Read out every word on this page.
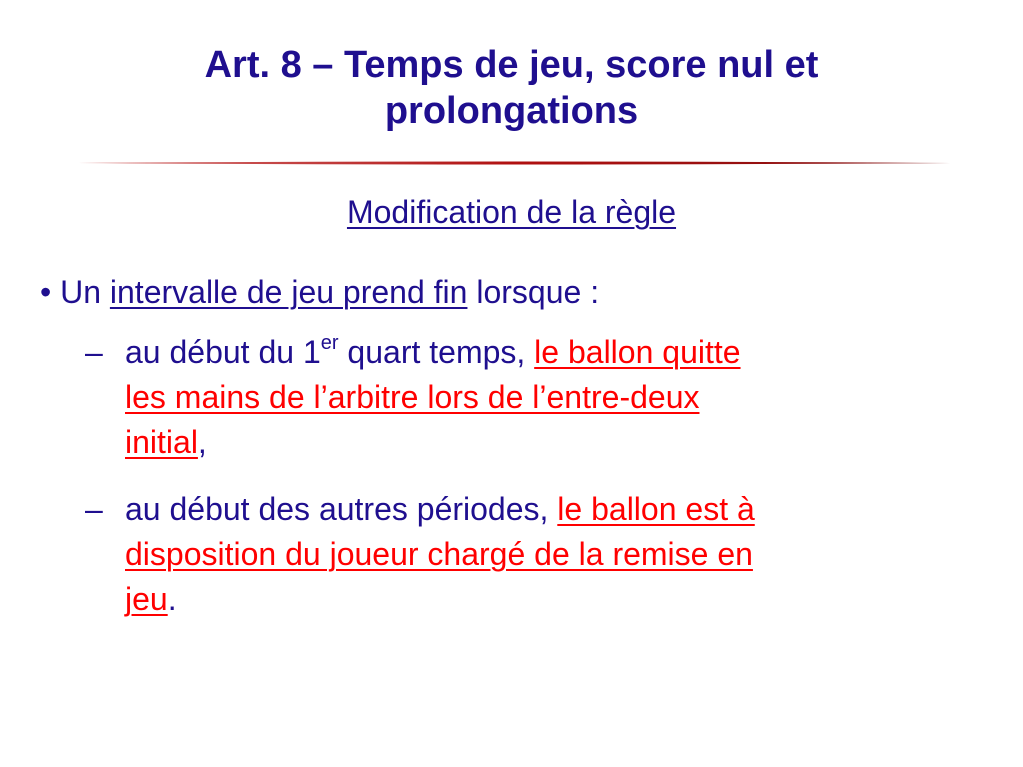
Art. 8 – Temps de jeu, score nul et
prolongations
Modification de la règle
• Un intervalle de jeu prend fin lorsque :
– au début du 1er quart temps, le ballon quitte
les mains de l’arbitre lors de l’entre-deux
initial,
– au début des autres périodes, le ballon est à
disposition du joueur chargé de la remise en
jeu.
